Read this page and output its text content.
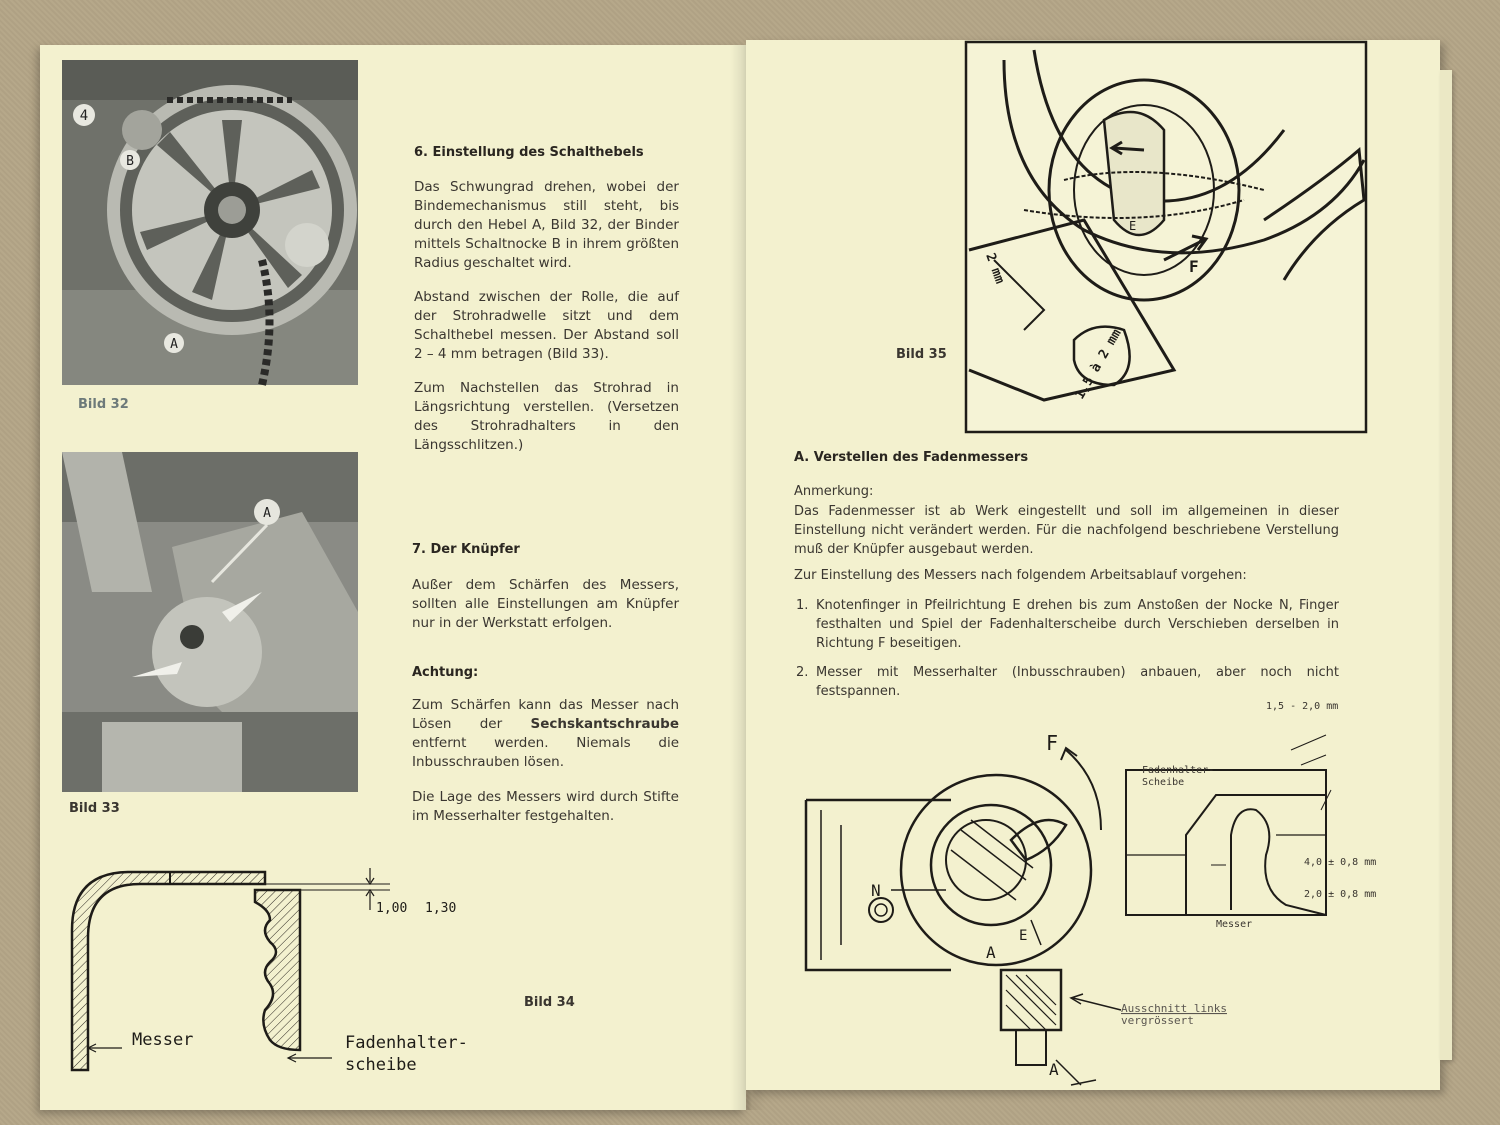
4
B
A
Bild 32
A
Bild 33
6. Einstellung des Schalthebels
Das Schwungrad drehen, wobei der Bindemechanismus still steht, bis durch den Hebel A, Bild 32, der Binder mittels Schaltnocke B in ihrem größten Radius geschaltet wird.
Abstand zwischen der Rolle, die auf der Strohradwelle sitzt und dem Schalthebel messen. Der Abstand soll 2 – 4 mm betragen (Bild 33).
Zum Nachstellen das Strohrad in Längsrichtung verstellen. (Versetzen des Strohradhalters in den Längsschlitzen.)
7. Der Knüpfer
Außer dem Schärfen des Messers, sollten alle Einstellungen am Knüpfer nur in der Werkstatt erfolgen.
Achtung:
Zum Schärfen kann das Messer nach Lösen der Sechskantschraube entfernt werden. Niemals die Inbusschrauben lösen.
Die Lage des Messers wird durch Stifte im Messerhalter festgehalten.
1,00 1,30
Messer	Fadenhalter-
scheibe
Bild 34
F
E
2 mm
1,5 à 2 mm
Bild 35
A. Verstellen des Fadenmessers
Anmerkung:
Das Fadenmesser ist ab Werk eingestellt und soll im allgemeinen in dieser Einstellung nicht verändert werden. Für die nachfolgend beschriebene Verstellung muß der Knüpfer ausgebaut werden.
Zur Einstellung des Messers nach folgendem Arbeitsablauf vorgehen:
1. Knotenfinger in Pfeilrichtung E drehen bis zum Anstoßen der Nocke N, Finger festhalten und Spiel der Fadenhalterscheibe durch Verschieben derselben in Richtung F beseitigen.
2. Messer mit Messerhalter (Inbusschrauben) anbauen, aber noch nicht festspannen.
F
N
E
A
A
Ausschnitt links
vergrössert
1,5 - 2,0 mm
Fadenhalter-
Scheibe
4,0 ± 0,8 mm
2,0 ± 0,8 mm
Messer
